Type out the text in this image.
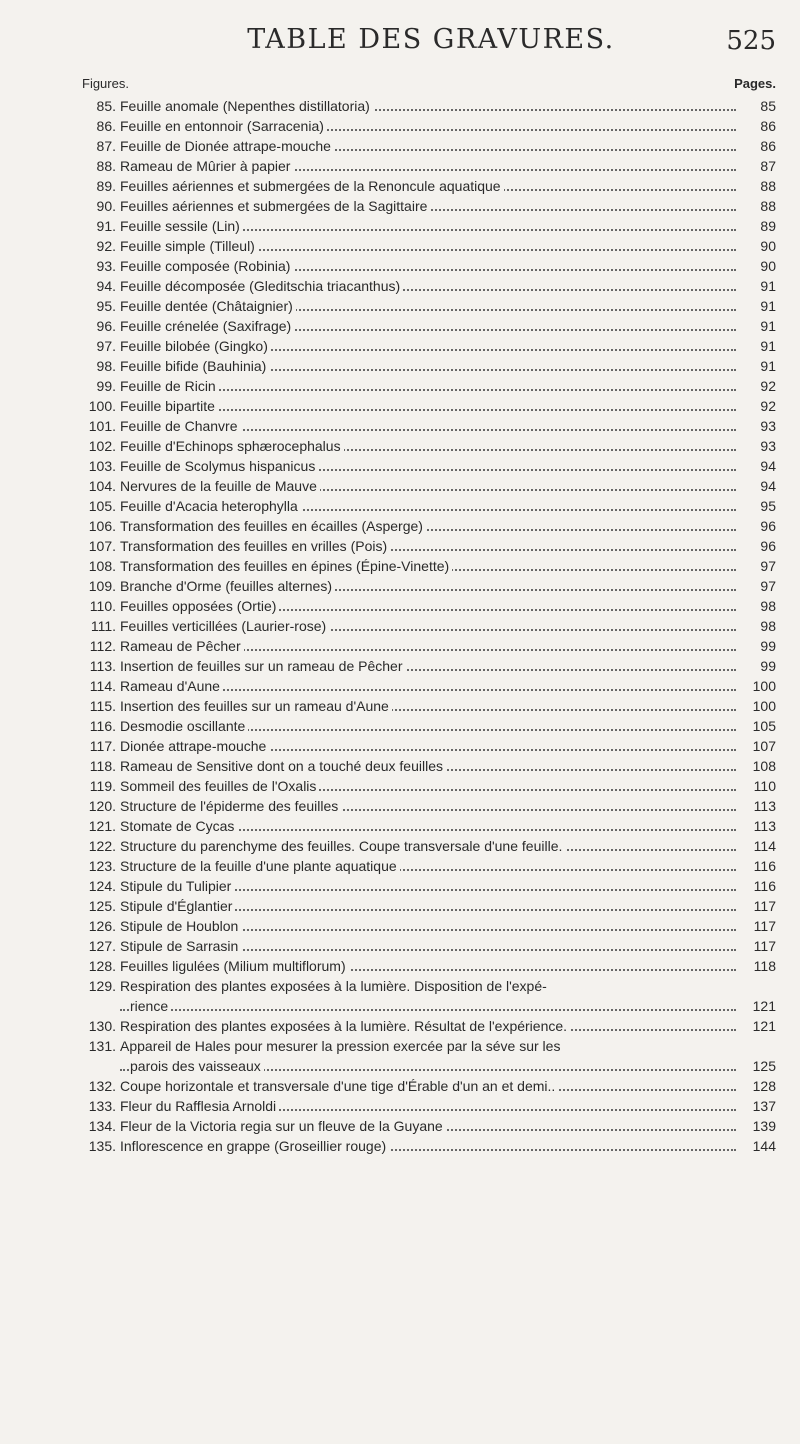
TABLE DES GRAVURES.	525
Figures.	Pages.
85. Feuille anomale (Nepenthes distillatoria)	85
86. Feuille en entonnoir (Sarracenia)	86
87. Feuille de Dionée attrape-mouche	86
88. Rameau de Mûrier à papier	87
89. Feuilles aériennes et submergées de la Renoncule aquatique	88
90. Feuilles aériennes et submergées de la Sagittaire	88
91. Feuille sessile (Lin)	89
92. Feuille simple (Tilleul)	90
93. Feuille composée (Robinia)	90
94. Feuille décomposée (Gleditschia triacanthus)	91
95. Feuille dentée (Châtaignier)	91
96. Feuille crénelée (Saxifrage)	91
97. Feuille bilobée (Gingko)	91
98. Feuille bifide (Bauhinia)	91
99. Feuille de Ricin	92
100. Feuille bipartite	92
101. Feuille de Chanvre	93
102. Feuille d'Echinops sphærocephalus	93
103. Feuille de Scolymus hispanicus	94
104. Nervures de la feuille de Mauve	94
105. Feuille d'Acacia heterophylla	95
106. Transformation des feuilles en écailles (Asperge)	96
107. Transformation des feuilles en vrilles (Pois)	96
108. Transformation des feuilles en épines (Épine-Vinette)	97
109. Branche d'Orme (feuilles alternes)	97
110. Feuilles opposées (Ortie)	98
111. Feuilles verticillées (Laurier-rose)	98
112. Rameau de Pêcher	99
113. Insertion de feuilles sur un rameau de Pêcher	99
114. Rameau d'Aune	100
115. Insertion des feuilles sur un rameau d'Aune	100
116. Desmodie oscillante	105
117. Dionée attrape-mouche	107
118. Rameau de Sensitive dont on a touché deux feuilles	108
119. Sommeil des feuilles de l'Oxalis	110
120. Structure de l'épiderme des feuilles	113
121. Stomate de Cycas	113
122. Structure du parenchyme des feuilles. Coupe transversale d'une feuille.	114
123. Structure de la feuille d'une plante aquatique	116
124. Stipule du Tulipier	116
125. Stipule d'Églantier	117
126. Stipule de Houblon	117
127. Stipule de Sarrasin	117
128. Feuilles ligulées (Milium multiflorum)	118
129. Respiration des plantes exposées à la lumière. Disposition de l'expé-
rience	121
130. Respiration des plantes exposées à la lumière. Résultat de l'expérience.	121
131. Appareil de Hales pour mesurer la pression exercée par la séve sur les
parois des vaisseaux	125
132. Coupe horizontale et transversale d'une tige d'Érable d'un an et demi..	128
133. Fleur du Rafflesia Arnoldi	137
134. Fleur de la Victoria regia sur un fleuve de la Guyane	139
135. Inflorescence en grappe (Groseillier rouge)	144
